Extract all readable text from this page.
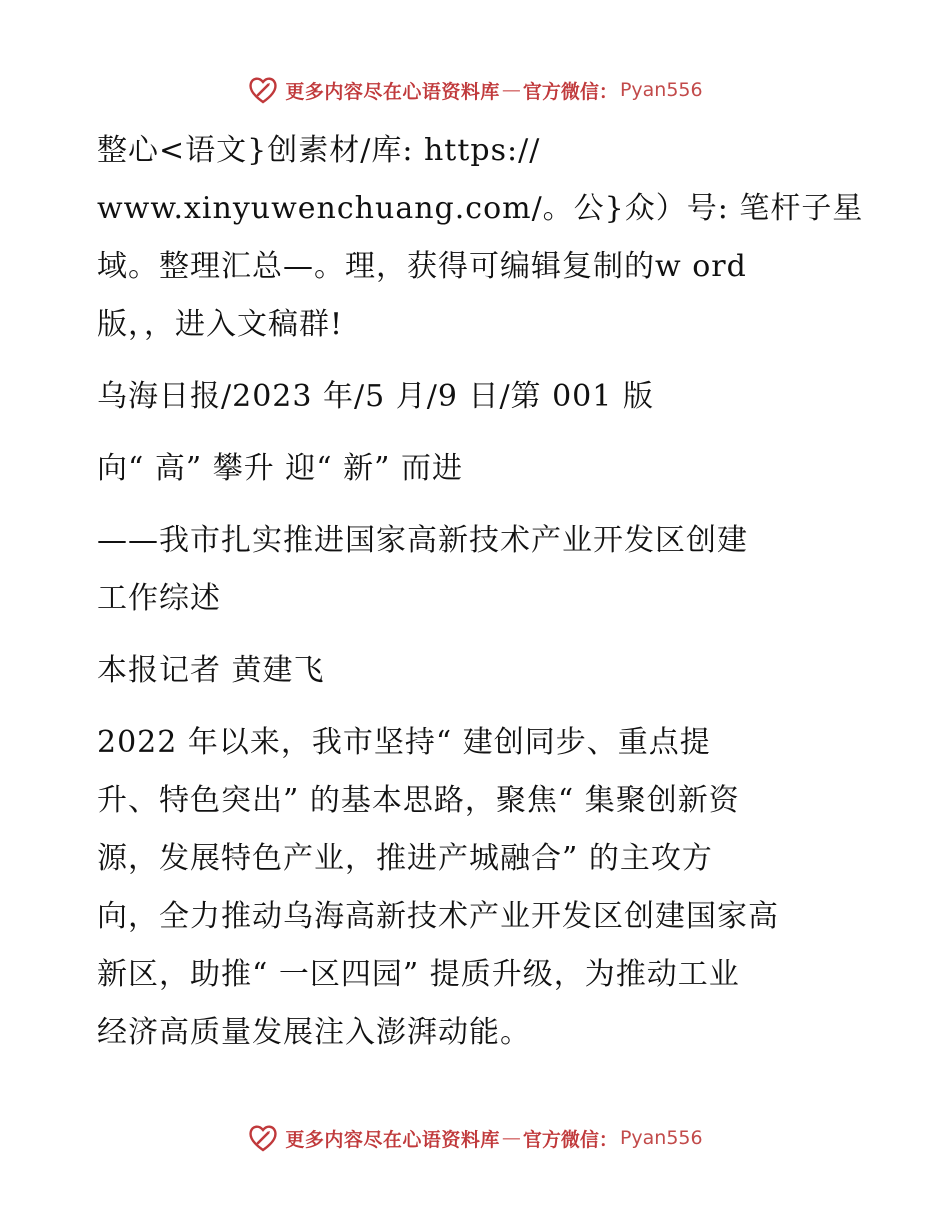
更多内容尽在心语资料库 — 官方微信： Pyan556
整心<语文}创素材/库: https://
www.xinyuwenchuang.com/。公}众）号: 笔杆子星
域。整理汇总—。理，获得可编辑复制的w ord
版，，进入文稿群!
乌海日报/2023 年/5 月/9 日/第 001 版
向“ 高” 攀升 迎“ 新” 而进
——我市扎实推进国家高新技术产业开发区创建
工作综述
本报记者 黄建飞
2022 年以来，我市坚持“ 建创同步、重点提
升、特色突出” 的基本思路，聚焦“ 集聚创新资
源，发展特色产业，推进产城融合” 的主攻方
向，全力推动乌海高新技术产业开发区创建国家高
新区，助推“ 一区四园” 提质升级，为推动工业
经济高质量发展注入澎湃动能。
更多内容尽在心语资料库 — 官方微信： Pyan556
